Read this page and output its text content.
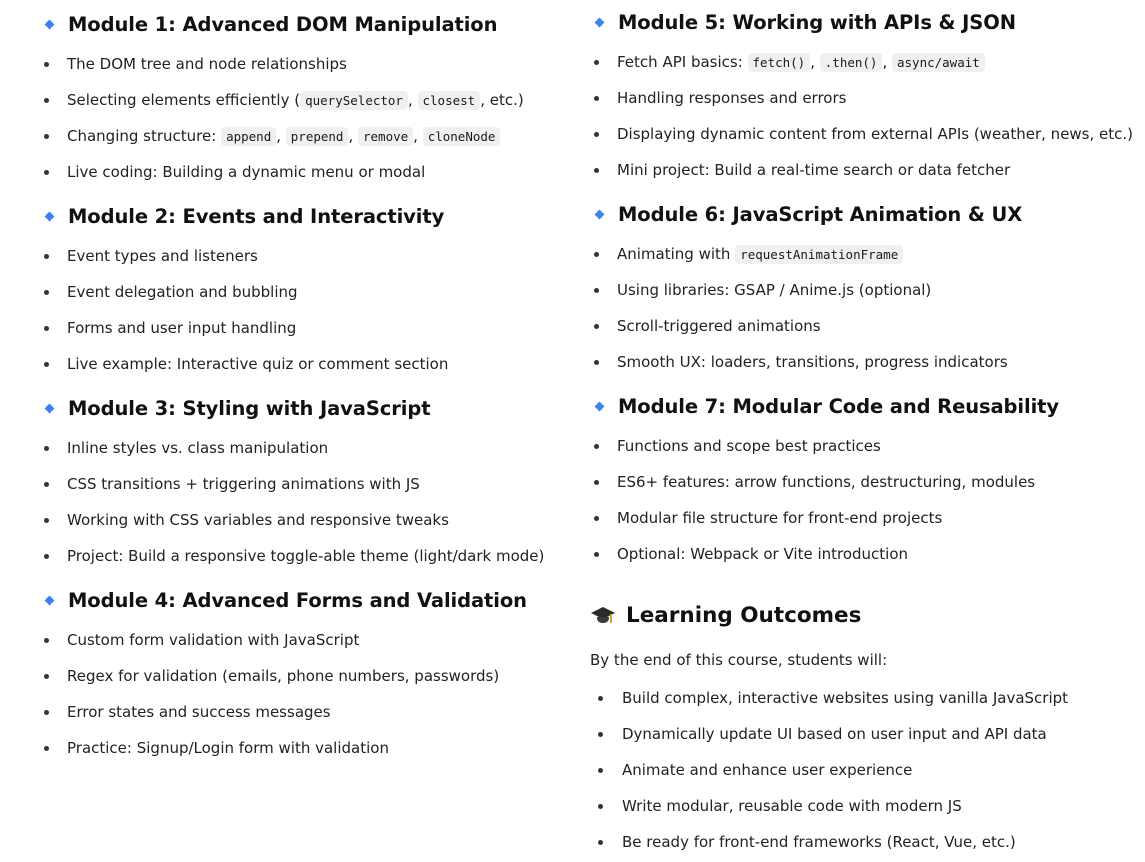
Module 1: Advanced DOM Manipulation
The DOM tree and node relationships
Selecting elements efficiently ( querySelector , closest , etc.)
Changing structure: append , prepend , remove , cloneNode
Live coding: Building a dynamic menu or modal
Module 2: Events and Interactivity
Event types and listeners
Event delegation and bubbling
Forms and user input handling
Live example: Interactive quiz or comment section
Module 3: Styling with JavaScript
Inline styles vs. class manipulation
CSS transitions + triggering animations with JS
Working with CSS variables and responsive tweaks
Project: Build a responsive toggle-able theme (light/dark mode)
Module 4: Advanced Forms and Validation
Custom form validation with JavaScript
Regex for validation (emails, phone numbers, passwords)
Error states and success messages
Practice: Signup/Login form with validation
Module 5: Working with APIs & JSON
Fetch API basics: fetch() , .then() , async/await
Handling responses and errors
Displaying dynamic content from external APIs (weather, news, etc.)
Mini project: Build a real-time search or data fetcher
Module 6: JavaScript Animation & UX
Animating with requestAnimationFrame
Using libraries: GSAP / Anime.js (optional)
Scroll-triggered animations
Smooth UX: loaders, transitions, progress indicators
Module 7: Modular Code and Reusability
Functions and scope best practices
ES6+ features: arrow functions, destructuring, modules
Modular file structure for front-end projects
Optional: Webpack or Vite introduction
Learning Outcomes
By the end of this course, students will:
Build complex, interactive websites using vanilla JavaScript
Dynamically update UI based on user input and API data
Animate and enhance user experience
Write modular, reusable code with modern JS
Be ready for front-end frameworks (React, Vue, etc.)
